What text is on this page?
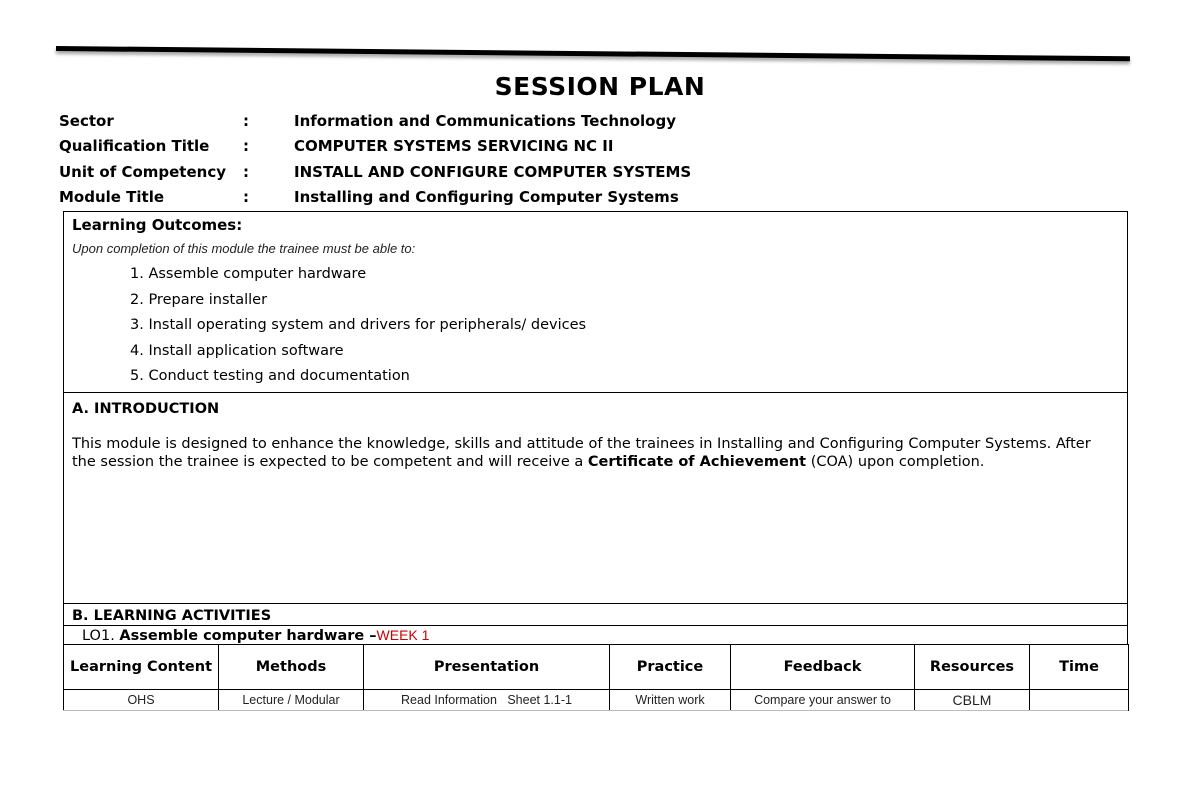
SESSION PLAN
Sector	:	Information and Communications Technology
Qualification Title	:	COMPUTER SYSTEMS SERVICING NC II
Unit of Competency	:	INSTALL AND CONFIGURE COMPUTER SYSTEMS
Module Title	:	Installing and Configuring Computer Systems
Learning Outcomes:
Upon completion of this module the trainee must be able to:
1. Assemble computer hardware
2. Prepare installer
3. Install operating system and drivers for peripherals/ devices
4. Install application software
5. Conduct testing and documentation
A. INTRODUCTION
This module is designed to enhance the knowledge, skills and attitude of the trainees in Installing and Configuring Computer Systems. After the session the trainee is expected to be competent and will receive a Certificate of Achievement (COA) upon completion.
B. LEARNING ACTIVITIES
LO1. Assemble computer hardware –WEEK 1
Learning Content	Methods	Presentation	Practice	Feedback	Resources	Time
OHS	Lecture / Modular	Read Information   Sheet 1.1-1	Written work	Compare your answer to	CBLM	
